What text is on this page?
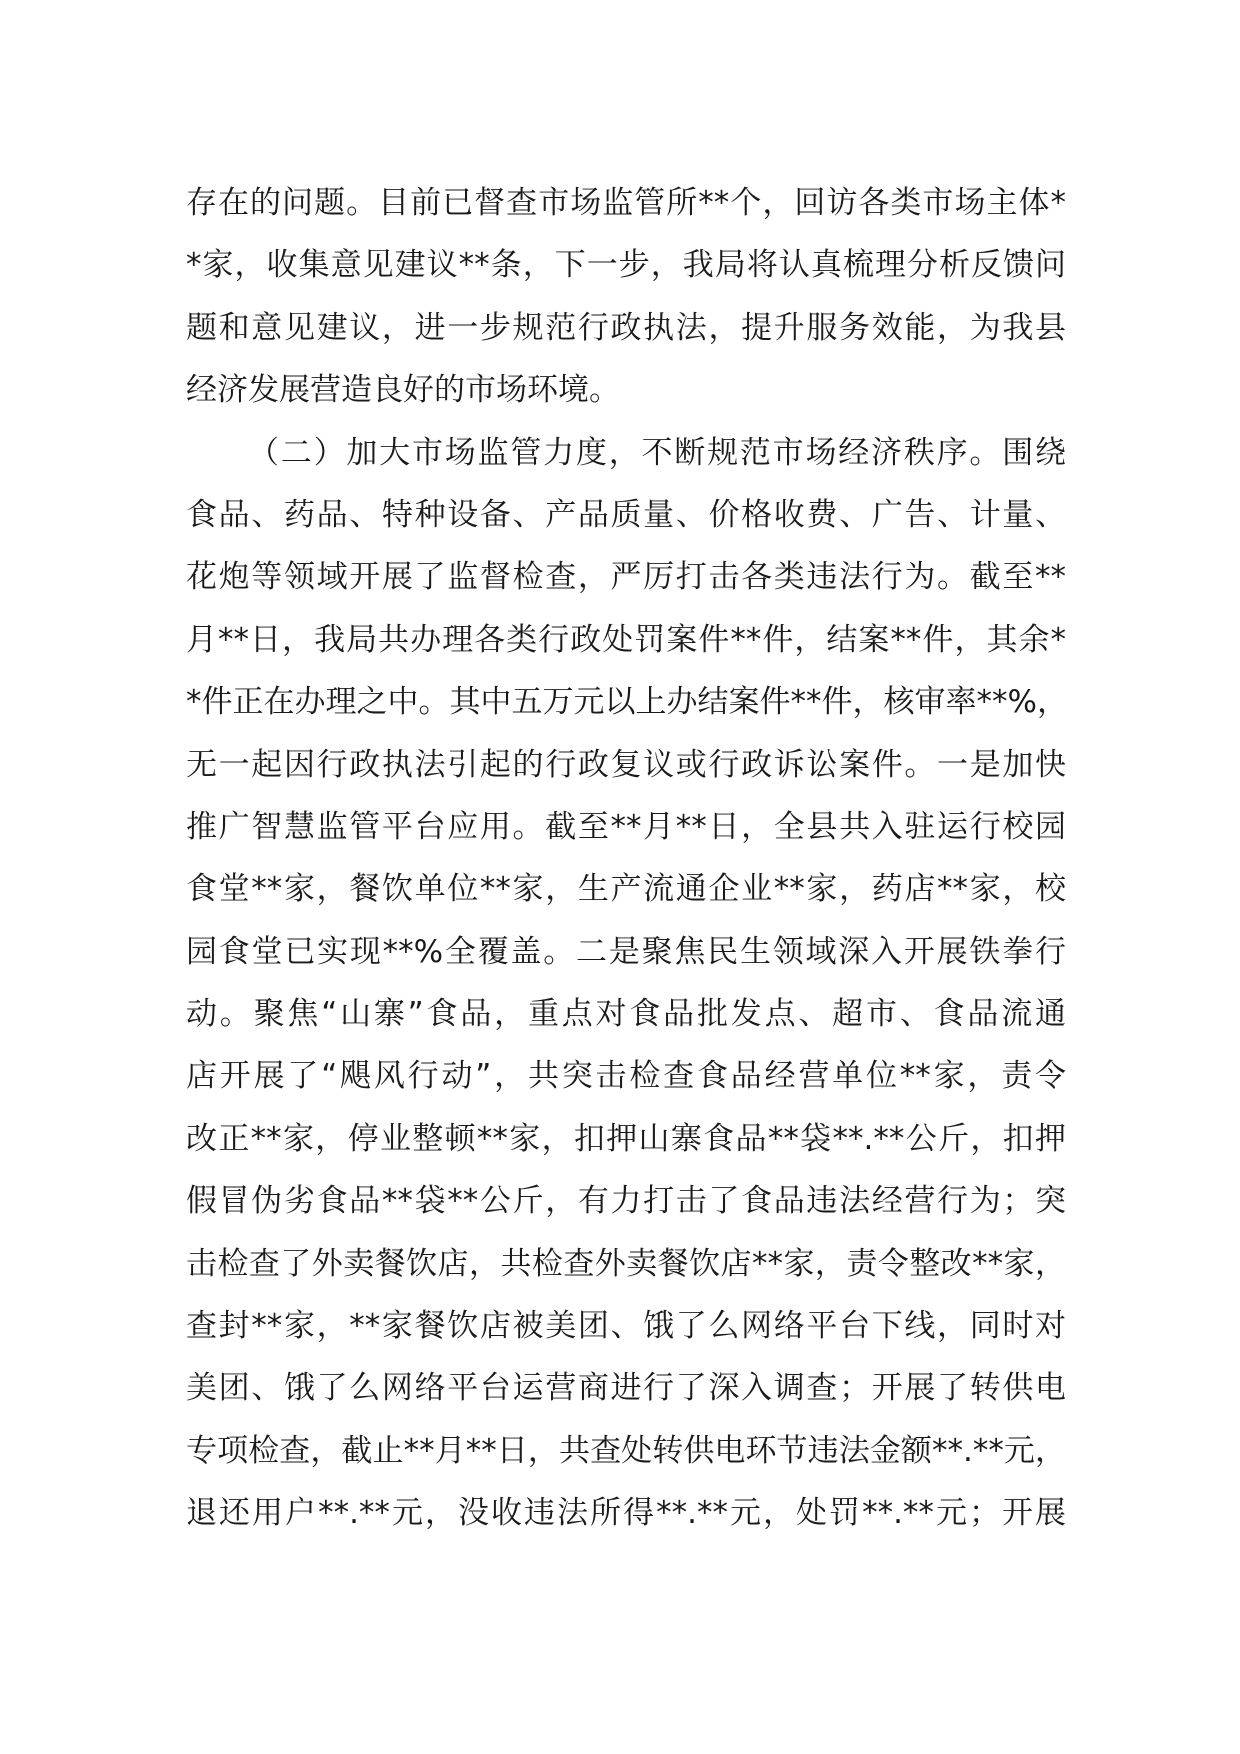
存在的问题。目前已督查市场监管所**个，回访各类市场主体*
*家，收集意见建议**条，下一步，我局将认真梳理分析反馈问
题和意见建议，进一步规范行政执法，提升服务效能，为我县
经济发展营造良好的市场环境。
（二）加大市场监管力度，不断规范市场经济秩序。围绕
食品、药品、特种设备、产品质量、价格收费、广告、计量、
花炮等领域开展了监督检查，严厉打击各类违法行为。截至**
月**日，我局共办理各类行政处罚案件**件，结案**件，其余*
*件正在办理之中。其中五万元以上办结案件**件，核审率**%，
无一起因行政执法引起的行政复议或行政诉讼案件。一是加快
推广智慧监管平台应用。截至**月**日，全县共入驻运行校园
食堂**家，餐饮单位**家，生产流通企业**家，药店**家，校
园食堂已实现**%全覆盖。二是聚焦民生领域深入开展铁拳行
动。聚焦“山寨”食品，重点对食品批发点、超市、食品流通
店开展了“飓风行动”，共突击检查食品经营单位**家，责令
改正**家，停业整顿**家，扣押山寨食品**袋**.**公斤，扣押
假冒伪劣食品**袋**公斤，有力打击了食品违法经营行为；突
击检查了外卖餐饮店，共检查外卖餐饮店**家，责令整改**家，
查封**家，**家餐饮店被美团、饿了么网络平台下线，同时对
美团、饿了么网络平台运营商进行了深入调查；开展了转供电
专项检查，截止**月**日，共查处转供电环节违法金额**.**元，
退还用户**.**元，没收违法所得**.**元，处罚**.**元；开展
